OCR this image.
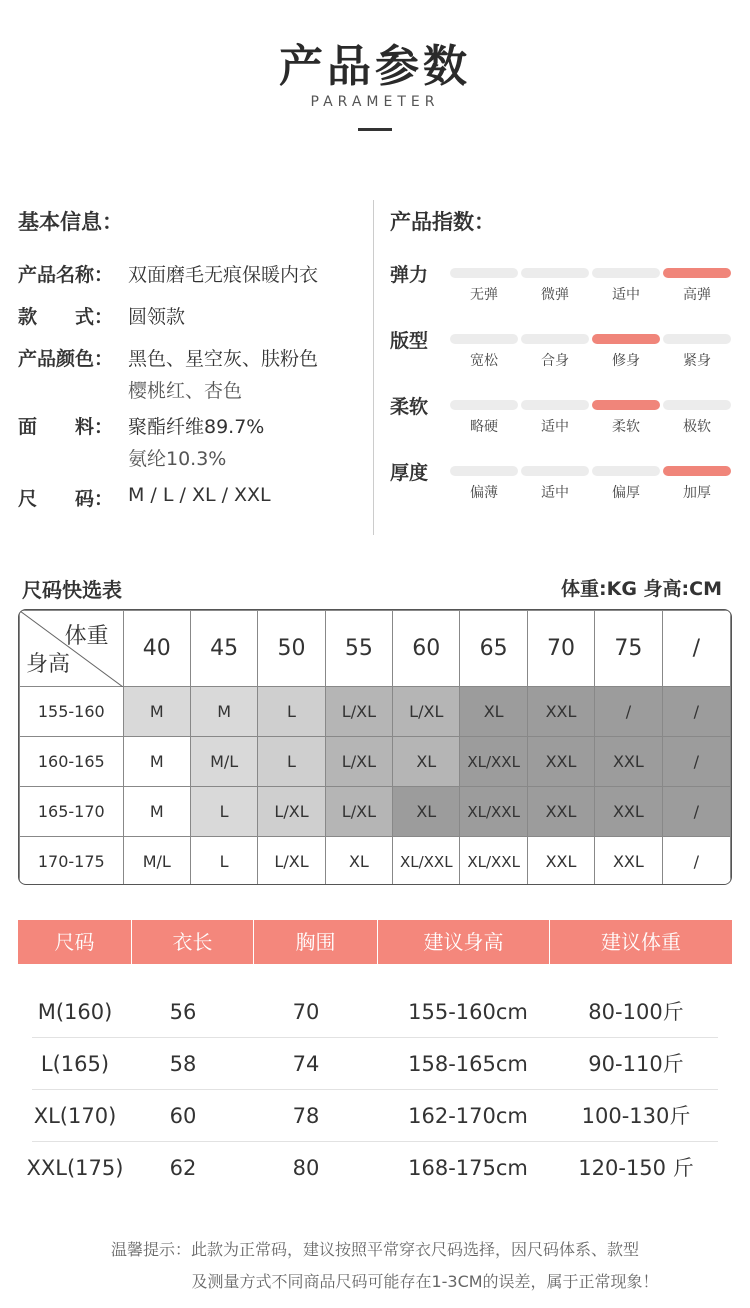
产品参数
PARAMETER
基本信息：
产品名称： 双面磨毛无痕保暖内衣
款　　式： 圆领款
产品颜色： 黑色、星空灰、肤粉色
樱桃红、杏色
面　　料： 聚酯纤维89.7%
氨纶10.3%
尺　　码： M / L / XL / XXL
产品指数：
弹力
无弹	微弹	适中	高弹
版型
宽松	合身	修身	紧身
柔软
略硬	适中	柔软	极软
厚度
偏薄	适中	偏厚	加厚
尺码快选表	体重:KG 身高:CM
体重
身高	40	45	50	55	60	65	70	75	/
155-160	M	M	L	L/XL	L/XL	XL	XXL	/	/
160-165	M	M/L	L	L/XL	XL	XL/XXL	XXL	XXL	/
165-170	M	L	L/XL	L/XL	XL	XL/XXL	XXL	XXL	/
170-175	M/L	L	L/XL	XL	XL/XXL	XL/XXL	XXL	XXL	/
尺码	衣长	胸围	建议身高	建议体重
M(160)	56	70	155-160cm	80-100斤
L(165)	58	74	158-165cm	90-110斤
XL(170)	60	78	162-170cm	100-130斤
XXL(175)	62	80	168-175cm	120-150 斤
温馨提示：此款为正常码，建议按照平常穿衣尺码选择，因尺码体系、款型
及测量方式不同商品尺码可能存在1-3CM的误差，属于正常现象！
